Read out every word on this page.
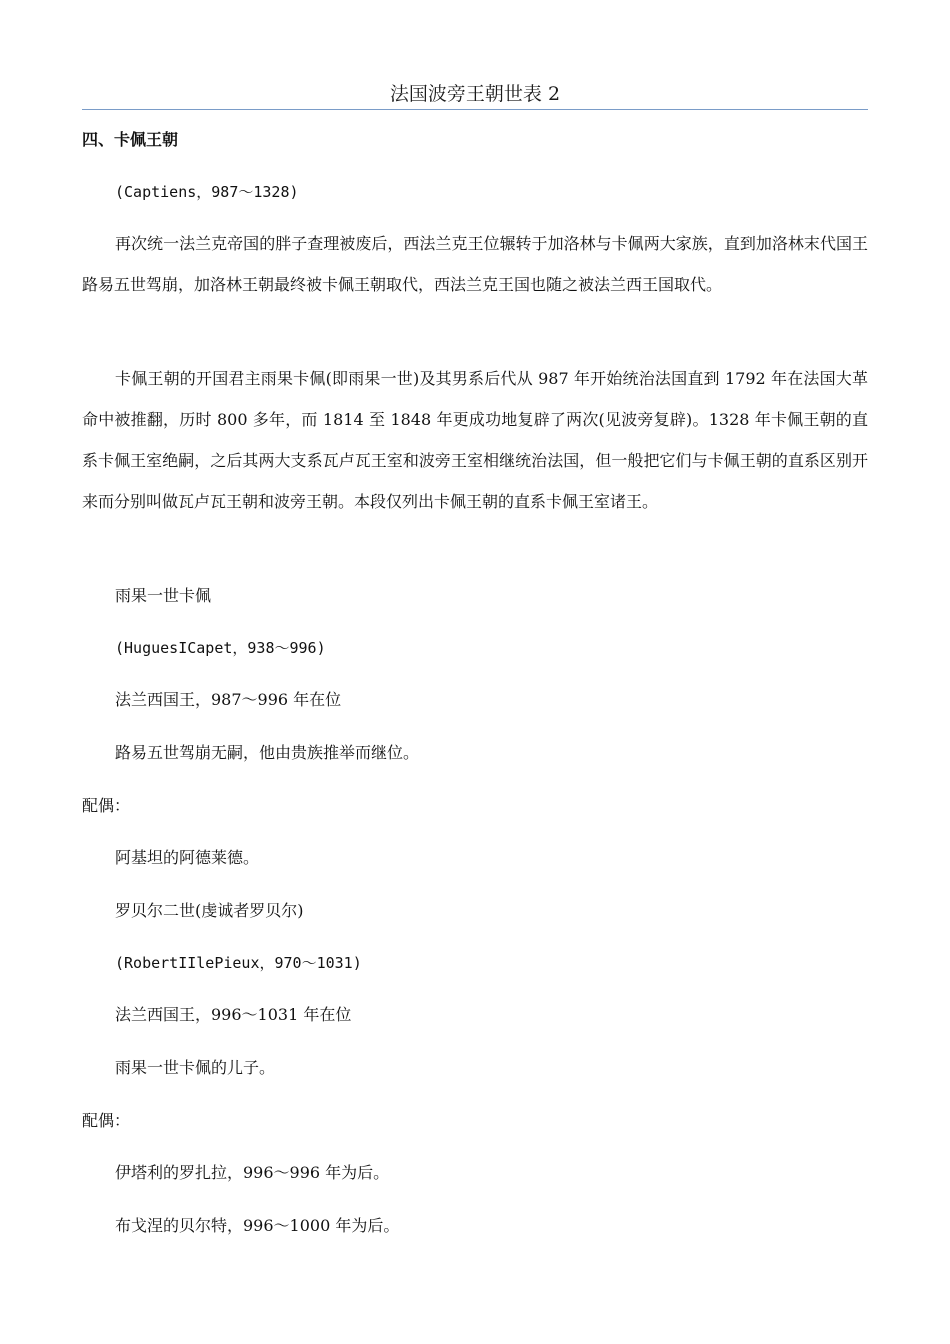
法国波旁王朝世表 2
四、卡佩王朝
(Captiens，987～1328)
再次统一法兰克帝国的胖子查理被废后，西法兰克王位辗转于加洛林与卡佩两大家族，直到加洛林末代国王路易五世驾崩，加洛林王朝最终被卡佩王朝取代，西法兰克王国也随之被法兰西王国取代。
卡佩王朝的开国君主雨果卡佩(即雨果一世)及其男系后代从 987 年开始统治法国直到 1792 年在法国大革命中被推翻，历时 800 多年，而 1814 至 1848 年更成功地复辟了两次(见波旁复辟)。1328 年卡佩王朝的直系卡佩王室绝嗣，之后其两大支系瓦卢瓦王室和波旁王室相继统治法国，但一般把它们与卡佩王朝的直系区别开来而分别叫做瓦卢瓦王朝和波旁王朝。本段仅列出卡佩王朝的直系卡佩王室诸王。
雨果一世卡佩
(HuguesICapet，938～996)
法兰西国王，987～996 年在位
路易五世驾崩无嗣，他由贵族推举而继位。
配偶：
阿基坦的阿德莱德。
罗贝尔二世(虔诚者罗贝尔)
(RobertIIlePieux，970～1031)
法兰西国王，996～1031 年在位
雨果一世卡佩的儿子。
配偶：
伊塔利的罗扎拉，996～996 年为后。
布戈涅的贝尔特，996～1000 年为后。
